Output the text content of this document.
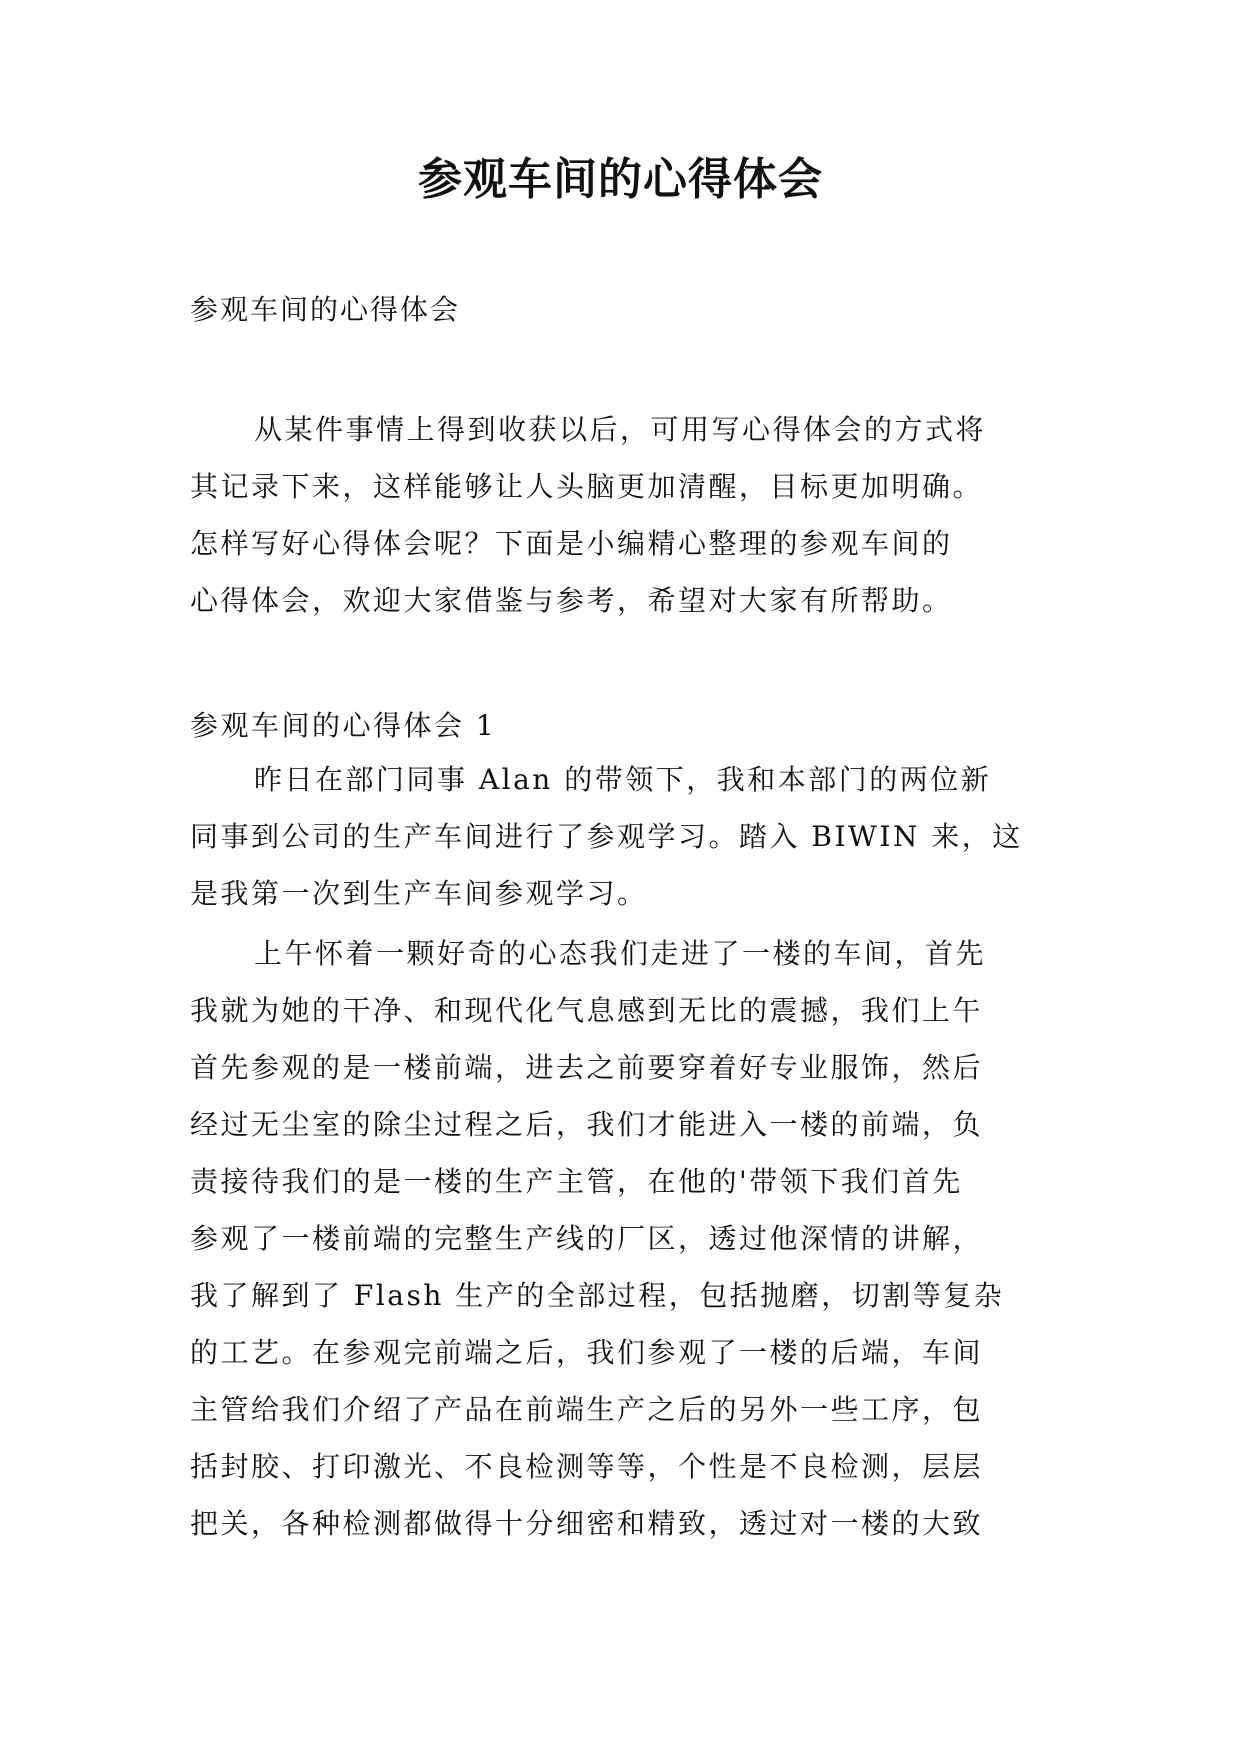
参观车间的心得体会

参观车间的心得体会

从某件事情上得到收获以后，可用写心得体会的方式将
其记录下来，这样能够让人头脑更加清醒，目标更加明确。
怎样写好心得体会呢？下面是小编精心整理的参观车间的
心得体会，欢迎大家借鉴与参考，希望对大家有所帮助。

参观车间的心得体会 1

昨日在部门同事 Alan 的带领下，我和本部门的两位新
同事到公司的生产车间进行了参观学习。踏入 BIWIN 来，这
是我第一次到生产车间参观学习。

上午怀着一颗好奇的心态我们走进了一楼的车间，首先
我就为她的干净、和现代化气息感到无比的震撼，我们上午
首先参观的是一楼前端，进去之前要穿着好专业服饰，然后
经过无尘室的除尘过程之后，我们才能进入一楼的前端，负
责接待我们的是一楼的生产主管，在他的'带领下我们首先
参观了一楼前端的完整生产线的厂区，透过他深情的讲解，
我了解到了 Flash 生产的全部过程，包括抛磨，切割等复杂
的工艺。在参观完前端之后，我们参观了一楼的后端，车间
主管给我们介绍了产品在前端生产之后的另外一些工序，包
括封胶、打印激光、不良检测等等，个性是不良检测，层层
把关，各种检测都做得十分细密和精致，透过对一楼的大致
